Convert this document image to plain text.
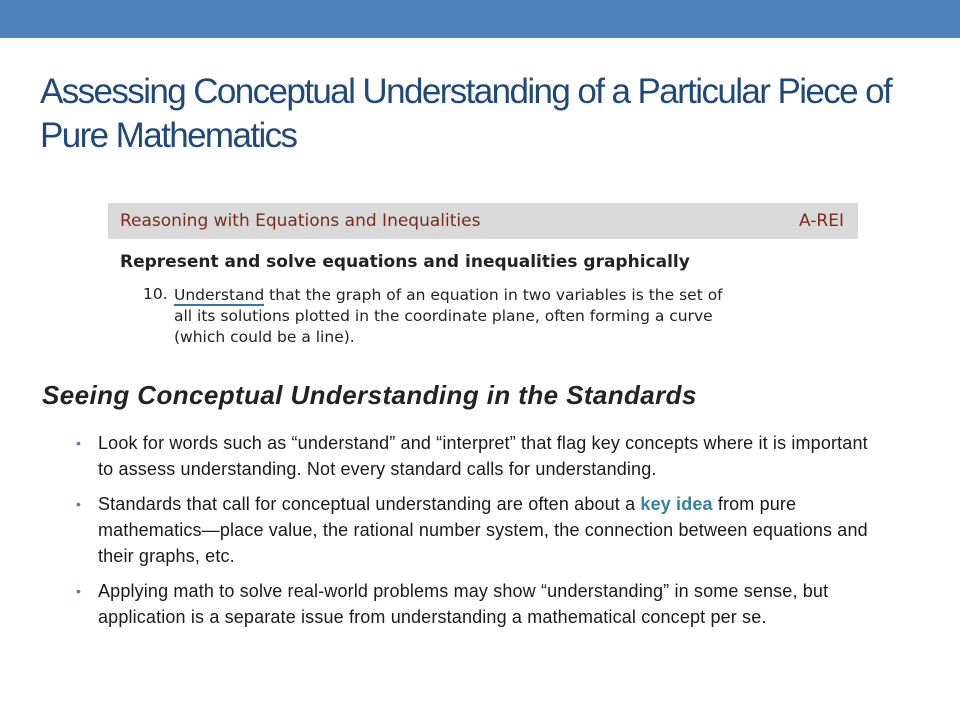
Assessing Conceptual Understanding of a Particular Piece of Pure Mathematics
Reasoning with Equations and Inequalities	A-REI
Represent and solve equations and inequalities graphically
10. Understand that the graph of an equation in two variables is the set of
all its solutions plotted in the coordinate plane, often forming a curve
(which could be a line).
Seeing Conceptual Understanding in the Standards
• Look for words such as “understand” and “interpret” that flag key concepts where it is important to assess understanding. Not every standard calls for understanding.
• Standards that call for conceptual understanding are often about a key idea from pure mathematics—place value, the rational number system, the connection between equations and their graphs, etc.
• Applying math to solve real-world problems may show “understanding” in some sense, but application is a separate issue from understanding a mathematical concept per se.
